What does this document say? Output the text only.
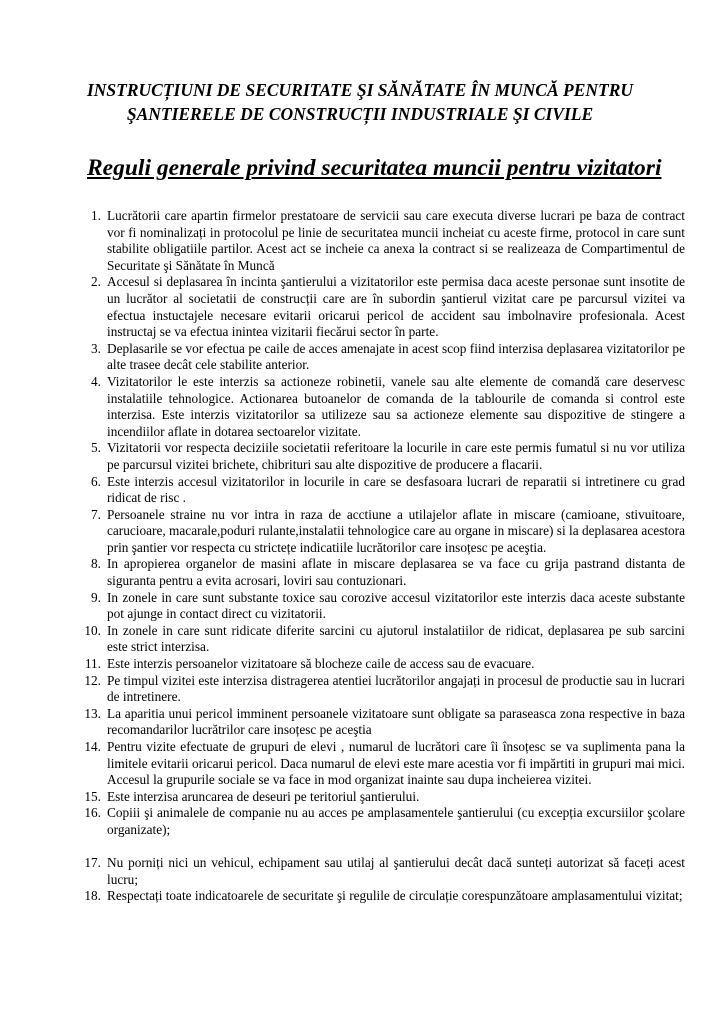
INSTRUCȚIUNI DE SECURITATE ŞI SĂNĂTATE ÎN MUNCĂ PENTRU
ŞANTIERELE DE CONSTRUCȚII INDUSTRIALE ŞI CIVILE
Reguli generale privind securitatea muncii pentru vizitatori
1. Lucrătorii care apartin firmelor prestatoare de servicii sau care executa diverse lucrari pe baza de contract vor fi nominalizați in protocolul pe linie de securitatea muncii incheiat cu aceste firme, protocol in care sunt stabilite obligatiile partilor. Acest act se incheie ca anexa la contract si se realizeaza de Compartimentul de Securitate şi Sănătate în Muncă
2. Accesul si deplasarea în incinta şantierului a vizitatorilor este permisa daca aceste personae sunt insotite de un lucrător al societatii de construcții care are în subordin şantierul vizitat care pe parcursul vizitei va efectua instuctajele necesare evitarii oricarui pericol de accident sau imbolnavire profesionala. Acest instructaj se va efectua inintea vizitarii fiecărui sector în parte.
3. Deplasarile se vor efectua pe caile de acces amenajate in acest scop fiind interzisa deplasarea vizitatorilor pe alte trasee decât cele stabilite anterior.
4. Vizitatorilor le este interzis sa actioneze robinetii, vanele sau alte elemente de comandă care deservesc instalatiile tehnologice. Actionarea butoanelor de comanda de la tablourile de comanda si control este interzisa. Este interzis vizitatorilor sa utilizeze sau sa actioneze elemente sau dispozitive de stingere a incendiilor aflate in dotarea sectoarelor vizitate.
5. Vizitatorii vor respecta deciziile societatii referitoare la locurile in care este permis fumatul si nu vor utiliza pe parcursul vizitei brichete, chibrituri sau alte dispozitive de producere a flacarii.
6. Este interzis accesul vizitatorilor in locurile in care se desfasoara lucrari de reparatii si intretinere cu grad ridicat de risc .
7. Persoanele straine nu vor intra in raza de acctiune a utilajelor aflate in miscare (camioane, stivuitoare, carucioare, macarale,poduri rulante,instalatii tehnologice care au organe in miscare) si la deplasarea acestora prin şantier vor respecta cu strictețe indicatiile lucrătorilor care insoțesc pe aceştia.
8. In apropierea organelor de masini aflate in miscare deplasarea se va face cu grija pastrand distanta de siguranta pentru a evita acrosari, loviri sau contuzionari.
9. In zonele in care sunt substante toxice sau corozive accesul vizitatorilor este interzis daca aceste substante pot ajunge in contact direct cu vizitatorii.
10. In zonele in care sunt ridicate diferite sarcini cu ajutorul instalatiilor de ridicat, deplasarea pe sub sarcini este strict interzisa.
11. Este interzis persoanelor vizitatoare să blocheze caile de access sau de evacuare.
12. Pe timpul vizitei este interzisa distragerea atentiei lucrătorilor angajați in procesul de productie sau in lucrari de intretinere.
13. La aparitia unui pericol imminent persoanele vizitatoare sunt obligate sa paraseasca zona respective in baza recomandarilor lucrătrilor care insoțesc pe aceştia
14. Pentru vizite efectuate de grupuri de elevi , numarul de lucrători care îi însoțesc se va suplimenta pana la limitele evitarii oricarui pericol. Daca numarul de elevi este mare acestia vor fi impărtiti in grupuri mai mici. Accesul la grupurile sociale se va face in mod organizat inainte sau dupa incheierea vizitei.
15. Este interzisa aruncarea de deseuri pe teritoriul şantierului.
16. Copiii şi animalele de companie nu au acces pe amplasamentele şantierului (cu excepția excursiilor şcolare organizate);
17. Nu porniți nici un vehicul, echipament sau utilaj al şantierului decât dacă sunteți autorizat să faceți acest lucru;
18. Respectați toate indicatoarele de securitate şi regulile de circulație corespunzătoare amplasamentului vizitat;
